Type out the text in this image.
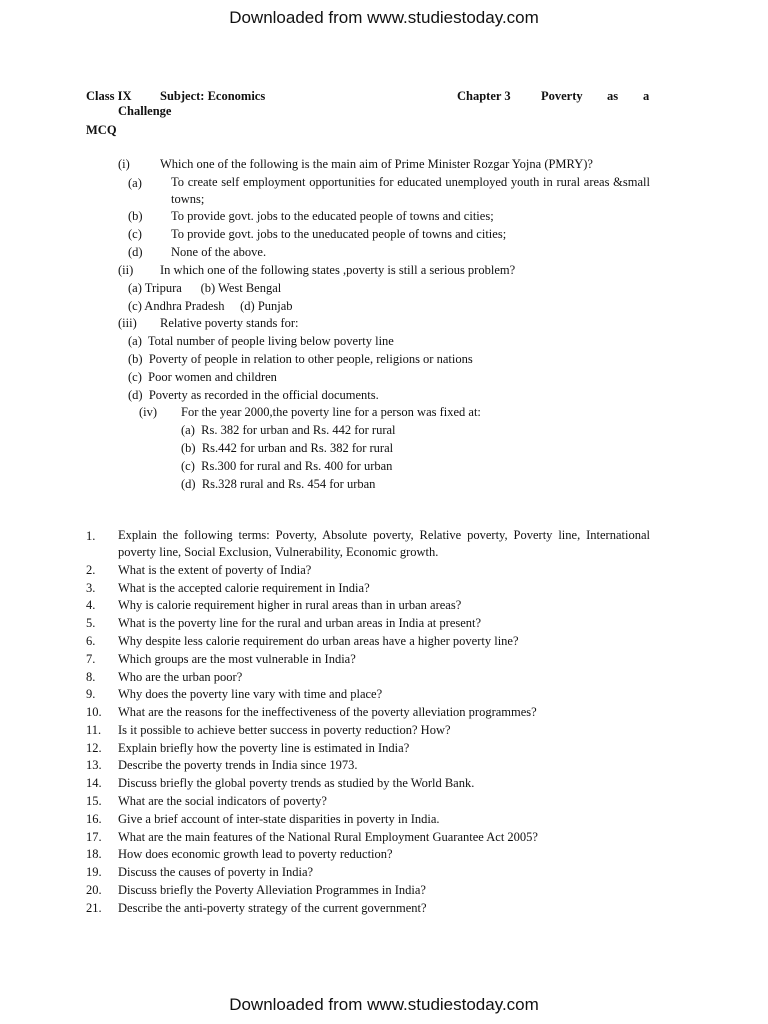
Downloaded from www.studiestoday.com
Class IX Subject: Economics	Chapter 3 Poverty as a
Challenge
MCQ
(i) Which one of the following is the main aim of Prime Minister Rozgar Yojna (PMRY)?
(a) To create self employment opportunities for educated unemployed youth in rural areas &small towns;
(b) To provide govt. jobs to the educated people of towns and cities;
(c) To provide govt. jobs to the uneducated people of towns and cities;
(d) None of the above.
(ii) In which one of the following states ,poverty is still a serious problem?
(a) Tripura      (b) West Bengal
(c) Andhra Pradesh     (d) Punjab
(iii) Relative poverty stands for:
(a)  Total number of people living below poverty line
(b)  Poverty of people in relation to other people, religions or nations
(c)  Poor women and children
(d)  Poverty as recorded in the official documents.
(iv) For the year 2000,the poverty line for a person was fixed at:
(a)  Rs. 382 for urban and Rs. 442 for rural
(b)  Rs.442 for urban and Rs. 382 for rural
(c)  Rs.300 for rural and Rs. 400 for urban
(d)  Rs.328 rural and Rs. 454 for urban
1. Explain the following terms: Poverty, Absolute poverty, Relative poverty, Poverty line, International poverty line, Social Exclusion, Vulnerability, Economic growth.
2. What is the extent of poverty of India?
3. What is the accepted calorie requirement in India?
4. Why is calorie requirement higher in rural areas than in urban areas?
5. What is the poverty line for the rural and urban areas in India at present?
6. Why despite less calorie requirement do urban areas have a higher poverty line?
7. Which groups are the most vulnerable in India?
8. Who are the urban poor?
9. Why does the poverty line vary with time and place?
10. What are the reasons for the ineffectiveness of the poverty alleviation programmes?
11. Is it possible to achieve better success in poverty reduction? How?
12. Explain briefly how the poverty line is estimated in India?
13. Describe the poverty trends in India since 1973.
14. Discuss briefly the global poverty trends as studied by the World Bank.
15. What are the social indicators of poverty?
16. Give a brief account of inter-state disparities in poverty in India.
17. What are the main features of the National Rural Employment Guarantee Act 2005?
18. How does economic growth lead to poverty reduction?
19. Discuss the causes of poverty in India?
20. Discuss briefly the Poverty Alleviation Programmes in India?
21. Describe the anti-poverty strategy of the current government?
Downloaded from www.studiestoday.com
